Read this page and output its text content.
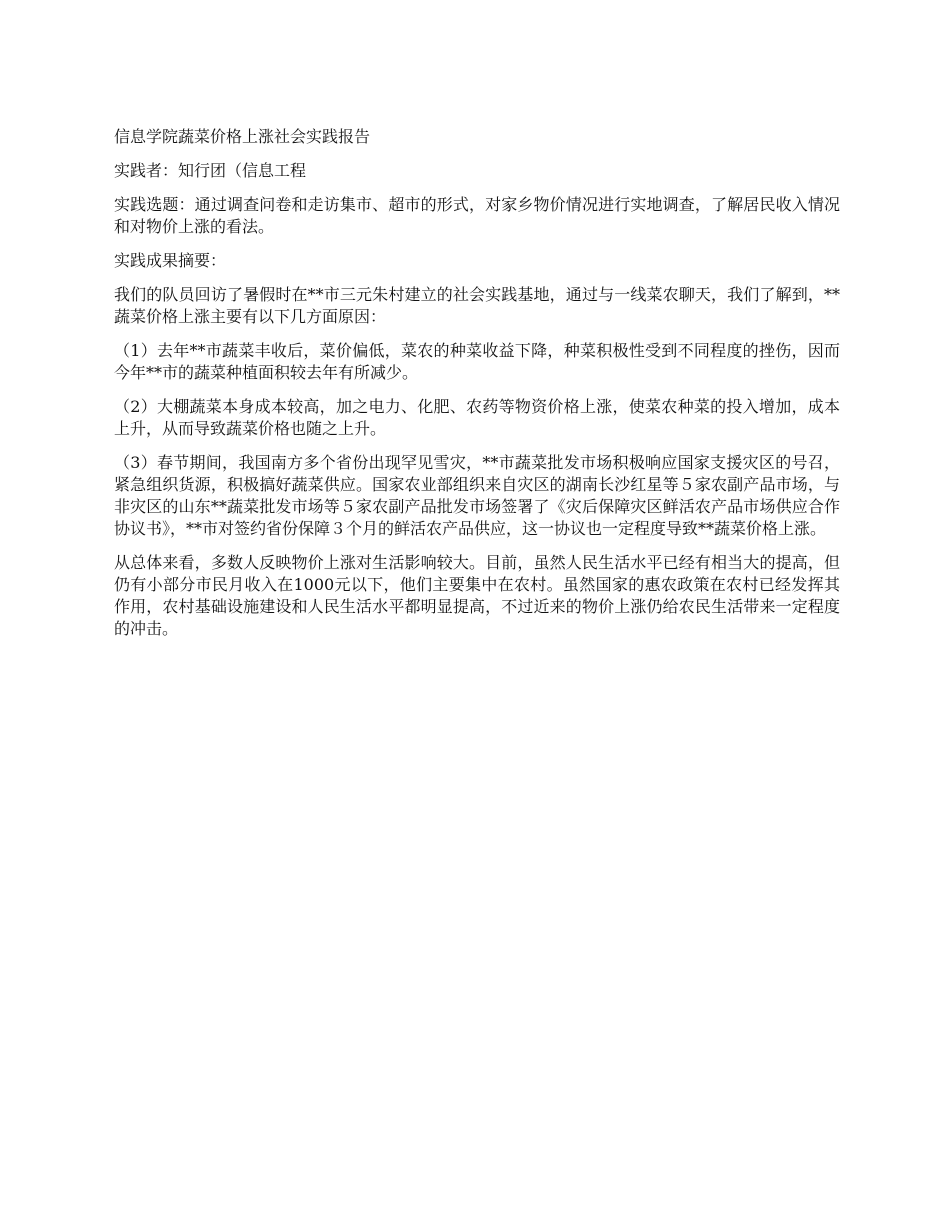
信息学院蔬菜价格上涨社会实践报告

实践者：知行团（信息工程

实践选题：通过调查问卷和走访集市、超市的形式，对家乡物价情况进行实地调查，了解居民收入情况和对物价上涨的看法。

实践成果摘要：

我们的队员回访了暑假时在**市三元朱村建立的社会实践基地，通过与一线菜农聊天，我们了解到，**蔬菜价格上涨主要有以下几方面原因：

（1）去年**市蔬菜丰收后，菜价偏低，菜农的种菜收益下降，种菜积极性受到不同程度的挫伤，因而今年**市的蔬菜种植面积较去年有所减少。

（2）大棚蔬菜本身成本较高，加之电力、化肥、农药等物资价格上涨，使菜农种菜的投入增加，成本上升，从而导致蔬菜价格也随之上升。

（3）春节期间，我国南方多个省份出现罕见雪灾，**市蔬菜批发市场积极响应国家支援灾区的号召，紧急组织货源，积极搞好蔬菜供应。国家农业部组织来自灾区的湖南长沙红星等５家农副产品市场，与非灾区的山东**蔬菜批发市场等５家农副产品批发市场签署了《灾后保障灾区鲜活农产品市场供应合作协议书》，**市对签约省份保障３个月的鲜活农产品供应，这一协议也一定程度导致**蔬菜价格上涨。

从总体来看，多数人反映物价上涨对生活影响较大。目前，虽然人民生活水平已经有相当大的提高，但仍有小部分市民月收入在1000元以下，他们主要集中在农村。虽然国家的惠农政策在农村已经发挥其作用，农村基础设施建设和人民生活水平都明显提高，不过近来的物价上涨仍给农民生活带来一定程度的冲击。
